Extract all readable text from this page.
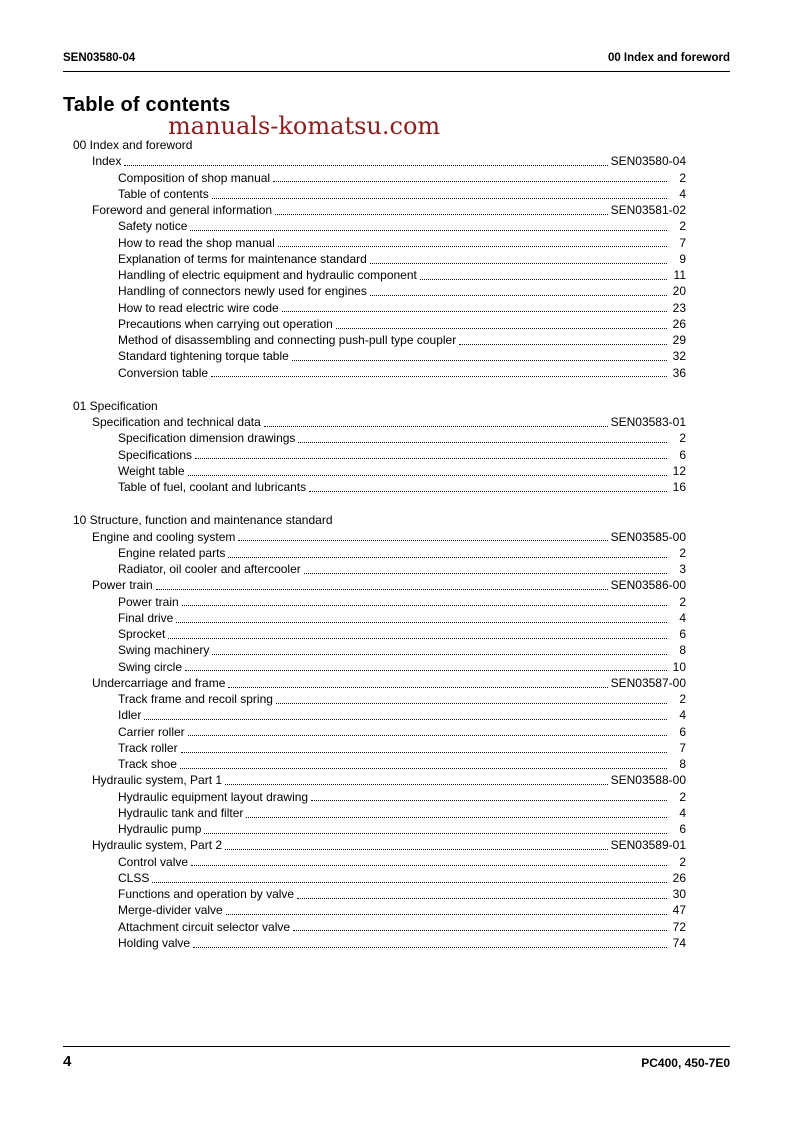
SEN03580-04	00 Index and foreword
Table of contents
manuals-komatsu.com
00 Index and foreword
Index	SEN03580-04
Composition of shop manual	2
Table of contents	4
Foreword and general information	SEN03581-02
Safety notice	2
How to read the shop manual	7
Explanation of terms for maintenance standard	9
Handling of electric equipment and hydraulic component	11
Handling of connectors newly used for engines	20
How to read electric wire code	23
Precautions when carrying out operation	26
Method of disassembling and connecting push-pull type coupler	29
Standard tightening torque table	32
Conversion table	36
01 Specification
Specification and technical data	SEN03583-01
Specification dimension drawings	2
Specifications	6
Weight table	12
Table of fuel, coolant and lubricants	16
10 Structure, function and maintenance standard
Engine and cooling system	SEN03585-00
Engine related parts	2
Radiator, oil cooler and aftercooler	3
Power train	SEN03586-00
Power train	2
Final drive	4
Sprocket	6
Swing machinery	8
Swing circle	10
Undercarriage and frame	SEN03587-00
Track frame and recoil spring	2
Idler	4
Carrier roller	6
Track roller	7
Track shoe	8
Hydraulic system, Part 1	SEN03588-00
Hydraulic equipment layout drawing	2
Hydraulic tank and filter	4
Hydraulic pump	6
Hydraulic system, Part 2	SEN03589-01
Control valve	2
CLSS	26
Functions and operation by valve	30
Merge-divider valve	47
Attachment circuit selector valve	72
Holding valve	74
4	PC400, 450-7E0
